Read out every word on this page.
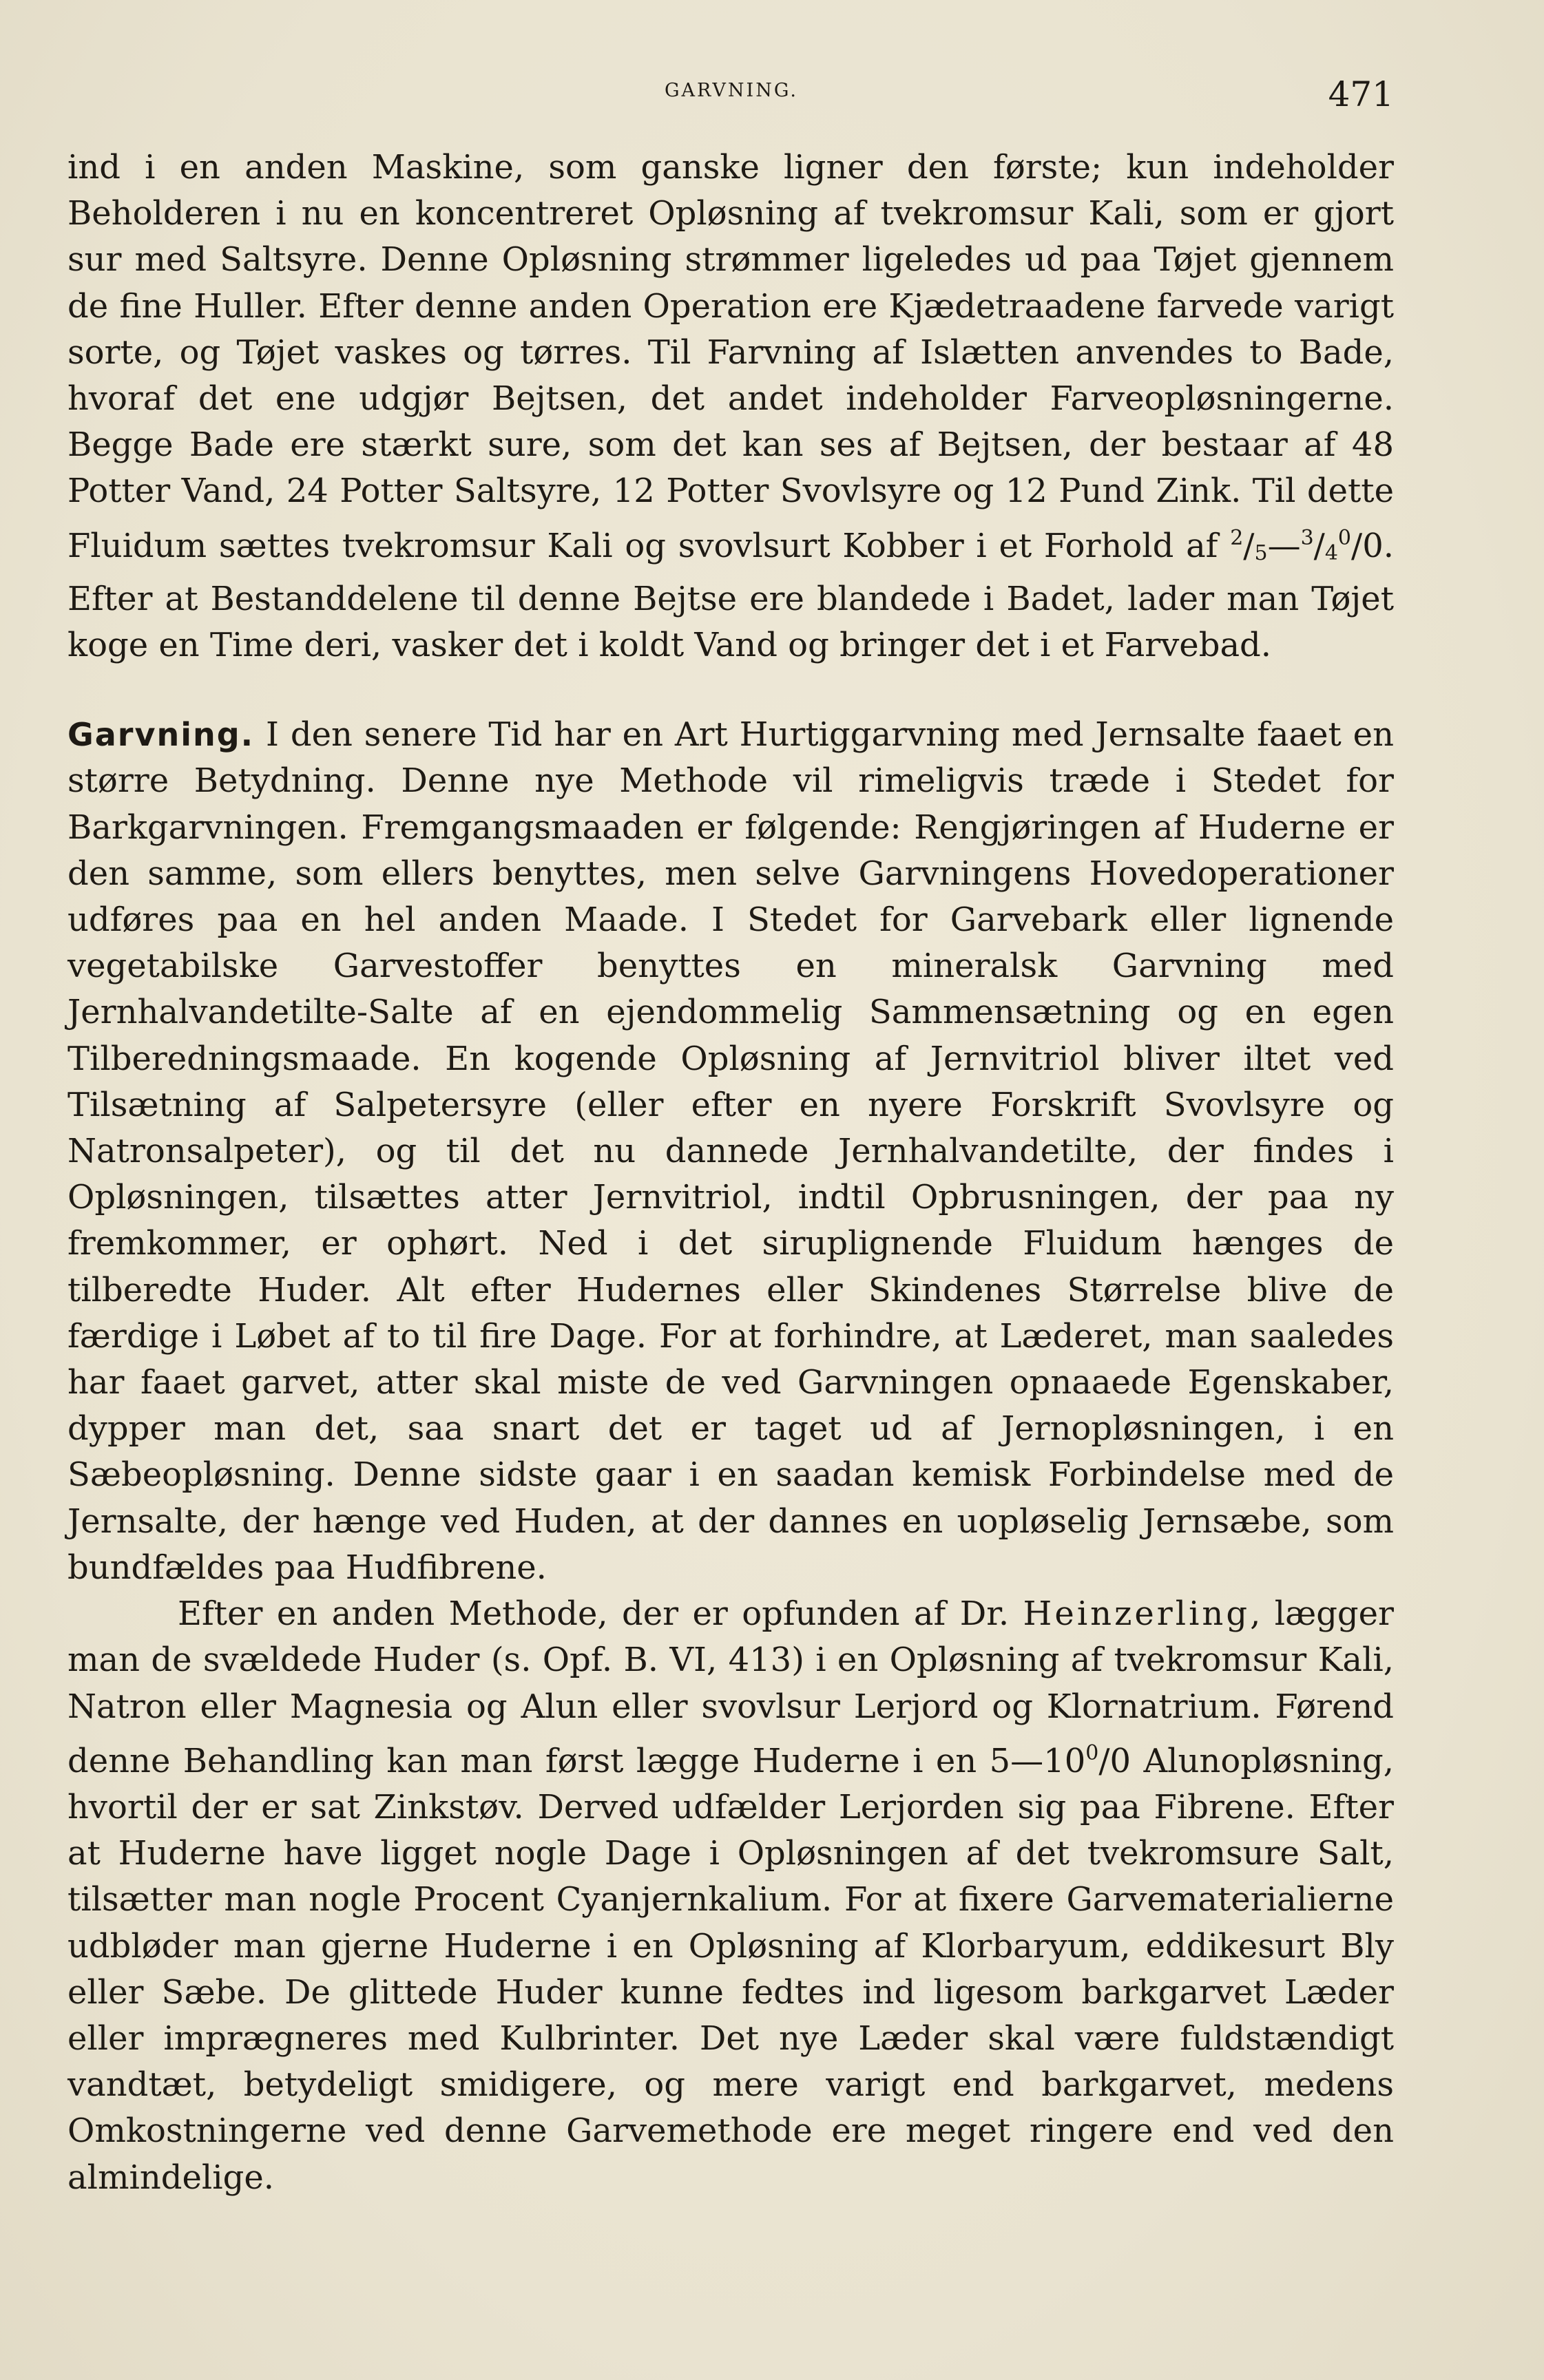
GARVNING.	471

ind i en anden Maskine, som ganske ligner den første; kun indeholder Beholderen i nu en koncentreret Opløsning af tvekromsur Kali, som er gjort sur med Saltsyre. Denne Opløsning strømmer ligeledes ud paa Tøjet gjennem de fine Huller. Efter denne anden Operation ere Kjædetraadene farvede varigt sorte, og Tøjet vaskes og tørres. Til Farvning af Islætten anvendes to Bade, hvoraf det ene udgjør Bejtsen, det andet indeholder Farveopløsningerne. Begge Bade ere stærkt sure, som det kan ses af Bejtsen, der bestaar af 48 Potter Vand, 24 Potter Saltsyre, 12 Potter Svovlsyre og 12 Pund Zink. Til dette Fluidum sættes tvekromsur Kali og svovlsurt Kobber i et Forhold af $^2/_5—^3/_4^0/0$. Efter at Bestanddelene til denne Bejtse ere blandede i Badet, lader man Tøjet koge en Time deri, vasker det i koldt Vand og bringer det i et Farvebad.

Garvning. I den senere Tid har en Art Hurtiggarvning med Jernsalte faaet en større Betydning. Denne nye Methode vil rimeligvis træde i Stedet for Barkgarvningen. Fremgangsmaaden er følgende: Rengjøringen af Huderne er den samme, som ellers benyttes, men selve Garvningens Hovedoperationer udføres paa en hel anden Maade. I Stedet for Garvebark eller lignende vegetabilske Garvestoffer benyttes en mineralsk Garvning med Jernhalvandetilte-Salte af en ejendommelig Sammensætning og en egen Tilberedningsmaade. En kogende Opløsning af Jernvitriol bliver iltet ved Tilsætning af Salpetersyre (eller efter en nyere Forskrift Svovlsyre og Natronsalpeter), og til det nu dannede Jernhalvandetilte, der findes i Opløsningen, tilsættes atter Jernvitriol, indtil Opbrusningen, der paa ny fremkommer, er ophørt. Ned i det siruplignende Fluidum hænges de tilberedte Huder. Alt efter Hudernes eller Skindenes Størrelse blive de færdige i Løbet af to til fire Dage. For at forhindre, at Læderet, man saaledes har faaet garvet, atter skal miste de ved Garvningen opnaaede Egenskaber, dypper man det, saa snart det er taget ud af Jernopløsningen, i en Sæbeopløsning. Denne sidste gaar i en saadan kemisk Forbindelse med de Jernsalte, der hænge ved Huden, at der dannes en uopløselig Jernsæbe, som bundfældes paa Hudfibrene.

Efter en anden Methode, der er opfunden af Dr. Heinzerling, lægger man de svældede Huder (s. Opf. B. VI, 413) i en Opløsning af tvekromsur Kali, Natron eller Magnesia og Alun eller svovlsur Lerjord og Klornatrium. Førend denne Behandling kan man først lægge Huderne i en $5—10^0/0$ Alunopløsning, hvortil der er sat Zinkstøv. Derved udfælder Lerjorden sig paa Fibrene. Efter at Huderne have ligget nogle Dage i Opløsningen af det tvekromsure Salt, tilsætter man nogle Procent Cyanjernkalium. For at fixere Garvematerialierne udbløder man gjerne Huderne i en Opløsning af Klorbaryum, eddikesurt Bly eller Sæbe. De glittede Huder kunne fedtes ind ligesom barkgarvet Læder eller imprægneres med Kulbrinter. Det nye Læder skal være fuldstændigt vandtæt, betydeligt smidigere, og mere varigt end barkgarvet, medens Omkostningerne ved denne Garvemethode ere meget ringere end ved den almindelige.
